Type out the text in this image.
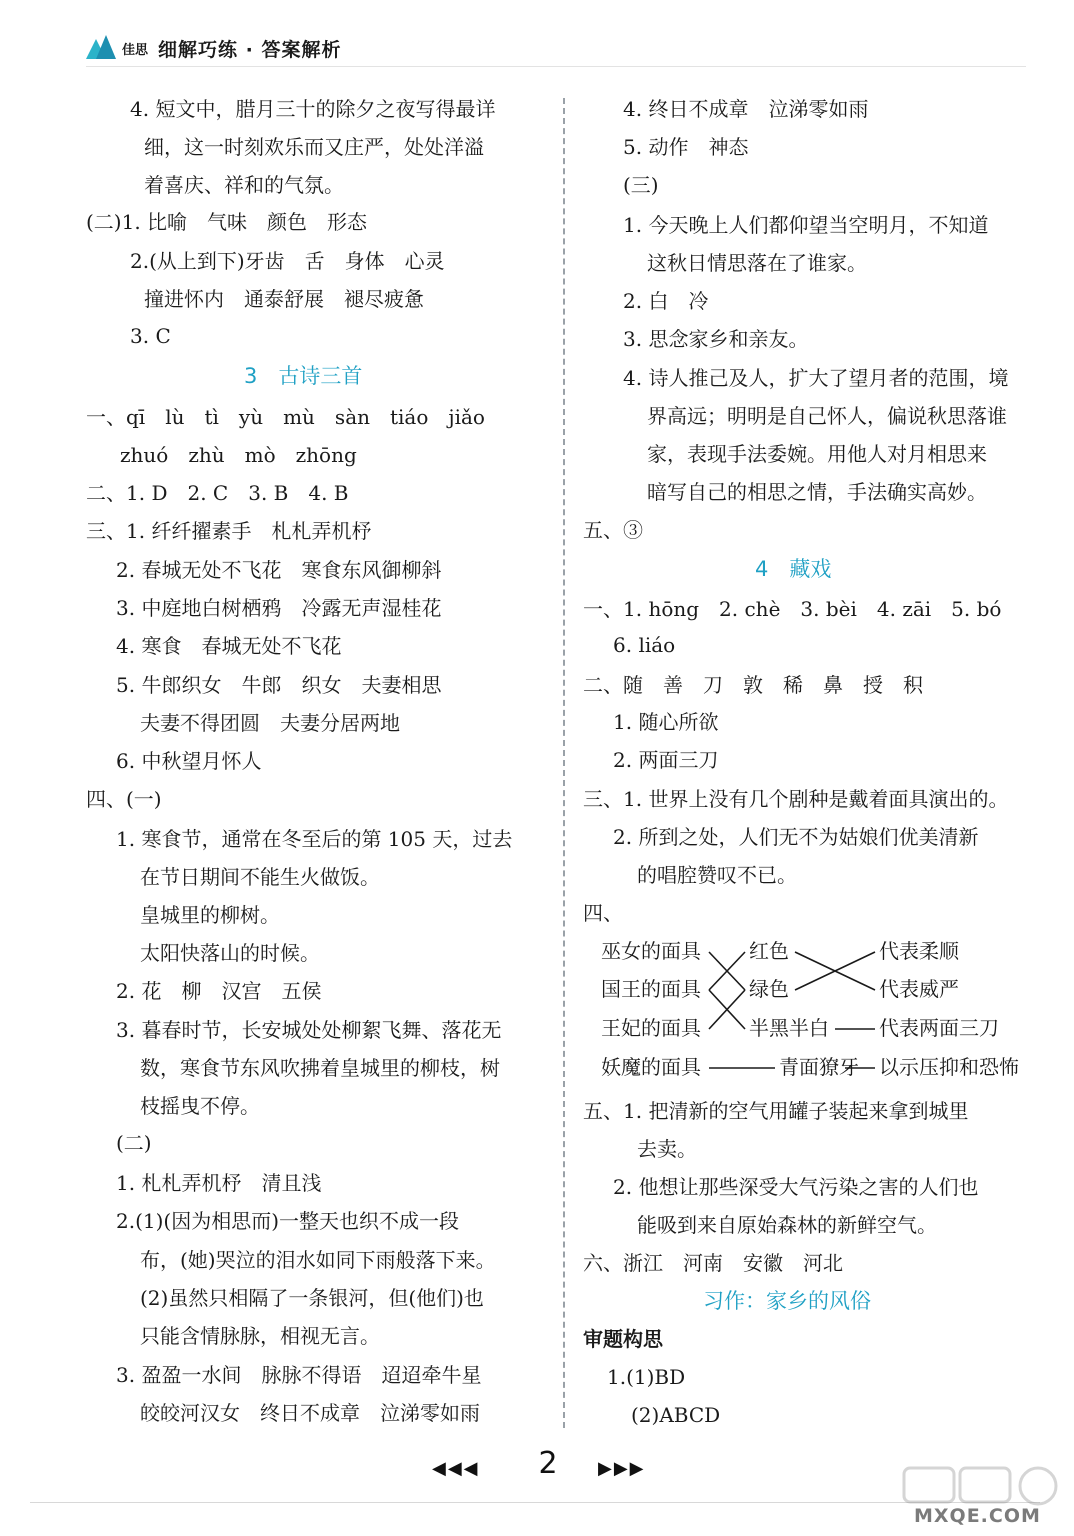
佳思 细解巧练 · 答案解析
4. 短文中，腊月三十的除夕之夜写得最详
细，这一时刻欢乐而又庄严，处处洋溢
着喜庆、祥和的气氛。
(二)1. 比喻　气味　颜色　形态
2.(从上到下)牙齿　舌　身体　心灵
撞进怀内　通泰舒展　褪尽疲惫
3. C
3　古诗三首
一、qī　lù　tì　yù　mù　sàn　tiáo　jiǎo
zhuó　zhù　mò　zhōng
二、1. D　2. C　3. B　4. B
三、1. 纤纤擢素手　札札弄机杼
2. 春城无处不飞花　寒食东风御柳斜
3. 中庭地白树栖鸦　冷露无声湿桂花
4. 寒食　春城无处不飞花
5. 牛郎织女　牛郎　织女　夫妻相思
夫妻不得团圆　夫妻分居两地
6. 中秋望月怀人
四、(一)
1. 寒食节，通常在冬至后的第 105 天，过去
在节日期间不能生火做饭。
皇城里的柳树。
太阳快落山的时候。
2. 花　柳　汉宫　五侯
3. 暮春时节，长安城处处柳絮飞舞、落花无
数，寒食节东风吹拂着皇城里的柳枝，树
枝摇曳不停。
(二)
1. 札札弄机杼　清且浅
2.(1)(因为相思而)一整天也织不成一段
布，(她)哭泣的泪水如同下雨般落下来。
(2)虽然只相隔了一条银河，但(他们)也
只能含情脉脉，相视无言。
3. 盈盈一水间　脉脉不得语　迢迢牵牛星
皎皎河汉女　终日不成章　泣涕零如雨
4. 终日不成章　泣涕零如雨
5. 动作　神态
(三)
1. 今天晚上人们都仰望当空明月，不知道
这秋日情思落在了谁家。
2. 白　冷
3. 思念家乡和亲友。
4. 诗人推己及人，扩大了望月者的范围，境
界高远；明明是自己怀人，偏说秋思落谁
家，表现手法委婉。用他人对月相思来
暗写自己的相思之情，手法确实高妙。
五、③
4　藏戏
一、1. hōng　2. chè　3. bèi　4. zāi　5. bó
6. liáo
二、随　善　刀　敦　稀　鼻　授　积
1. 随心所欲
2. 两面三刀
三、1. 世界上没有几个剧种是戴着面具演出的。
2. 所到之处，人们无不为姑娘们优美清新
的唱腔赞叹不已。
四、
巫女的面具
国王的面具
王妃的面具
妖魔的面具
红色
绿色
半黑半白
青面獠牙
代表柔顺
代表威严
代表两面三刀
以示压抑和恐怖
五、1. 把清新的空气用罐子装起来拿到城里
去卖。
2. 他想让那些深受大气污染之害的人们也
能吸到来自原始森林的新鲜空气。
六、浙江　河南　安徽　河北
习作：家乡的风俗
审题构思
1.(1)BD
(2)ABCD
◀◀◀	2	▶▶▶
MXQE.COM
